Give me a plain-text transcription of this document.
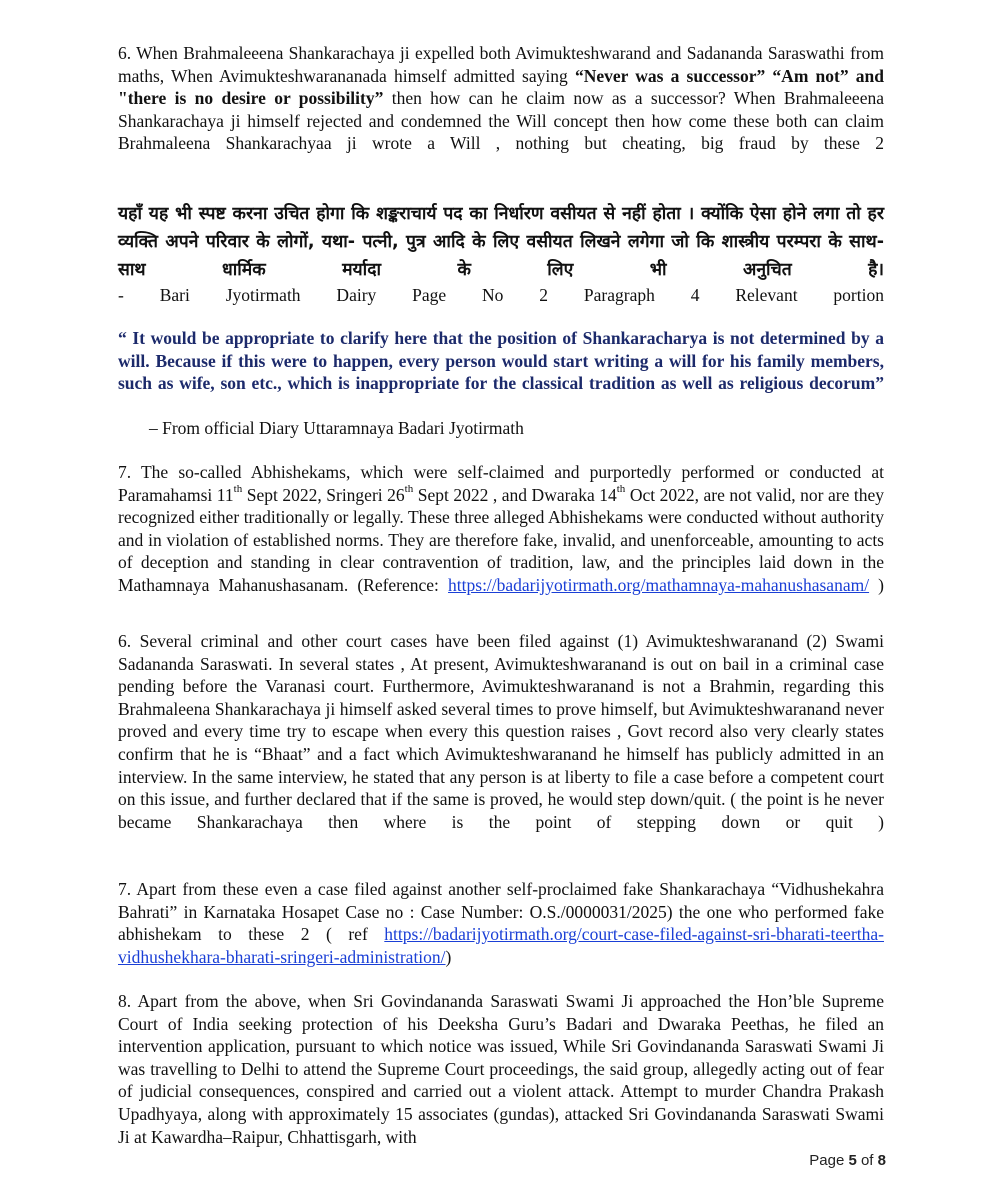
6. When Brahmaleeena Shankarachaya ji expelled both Avimukteshwarand and Sadananda Saraswathi from maths, When Avimukteshwarananada himself admitted saying “Never was a successor” “Am not” and "there is no desire or possibility” then how can he claim now as a successor? When Brahmaleeena Shankarachaya ji himself rejected and condemned the Will concept then how come these both can claim Brahmaleena Shankarachyaa ji wrote a Will , nothing but cheating, big fraud by these 2

यहाँ यह भी स्पष्ट करना उचित होगा कि शङ्कराचार्य पद का निर्धारण वसीयत से नहीं होता । क्योंकि ऐसा होने लगा तो हर व्यक्ति अपने परिवार के लोगों, यथा- पत्नी, पुत्र आदि के लिए वसीयत लिखने लगेगा जो कि शास्त्रीय परम्परा के साथ-साथ धार्मिक मर्यादा के लिए भी अनुचित है।

- Bari Jyotirmath Dairy Page No 2 Paragraph 4 Relevant portion

“ It would be appropriate to clarify here that the position of Shankaracharya is not determined by a will. Because if this were to happen, every person would start writing a will for his family members, such as wife, son etc., which is inappropriate for the classical tradition as well as religious decorum”

– From official Diary Uttaramnaya Badari Jyotirmath

7. The so-called Abhishekams, which were self-claimed and purportedly performed or conducted at Paramahamsi 11th Sept 2022, Sringeri 26th Sept 2022 , and Dwaraka 14th Oct 2022, are not valid, nor are they recognized either traditionally or legally. These three alleged Abhishekams were conducted without authority and in violation of established norms. They are therefore fake, invalid, and unenforceable, amounting to acts of deception and standing in clear contravention of tradition, law, and the principles laid down in the Mathamnaya Mahanushasanam. (Reference: https://badarijyotirmath.org/mathamnaya-mahanushasanam/ )

6. Several criminal and other court cases have been filed against (1) Avimukteshwaranand (2) Swami Sadananda Saraswati. In several states , At present, Avimukteshwaranand is out on bail in a criminal case pending before the Varanasi court. Furthermore, Avimukteshwaranand is not a Brahmin, regarding this Brahmaleena Shankarachaya ji himself asked several times to prove himself, but Avimukteshwaranand never proved and every time try to escape when every this question raises , Govt record also very clearly states confirm that he is “Bhaat” and a fact which Avimukteshwaranand he himself has publicly admitted in an interview. In the same interview, he stated that any person is at liberty to file a case before a competent court on this issue, and further declared that if the same is proved, he would step down/quit. ( the point is he never became Shankarachaya then where is the point of stepping down or quit )

7. Apart from these even a case filed against another self-proclaimed fake Shankarachaya “Vidhushekahra Bahrati” in Karnataka Hosapet Case no : Case Number: O.S./0000031/2025) the one who performed fake abhishekam to these 2 ( ref https://badarijyotirmath.org/court-case-filed-against-sri-bharati-teertha-vidhushekhara-bharati-sringeri-administration/)

8. Apart from the above, when Sri Govindananda Saraswati Swami Ji approached the Hon’ble Supreme Court of India seeking protection of his Deeksha Guru’s Badari and Dwaraka Peethas, he filed an intervention application, pursuant to which notice was issued, While Sri Govindananda Saraswati Swami Ji was travelling to Delhi to attend the Supreme Court proceedings, the said group, allegedly acting out of fear of judicial consequences, conspired and carried out a violent attack. Attempt to murder Chandra Prakash Upadhyaya, along with approximately 15 associates (gundas), attacked Sri Govindananda Saraswati Swami Ji at Kawardha–Raipur, Chhattisgarh, with

Page 5 of 8
